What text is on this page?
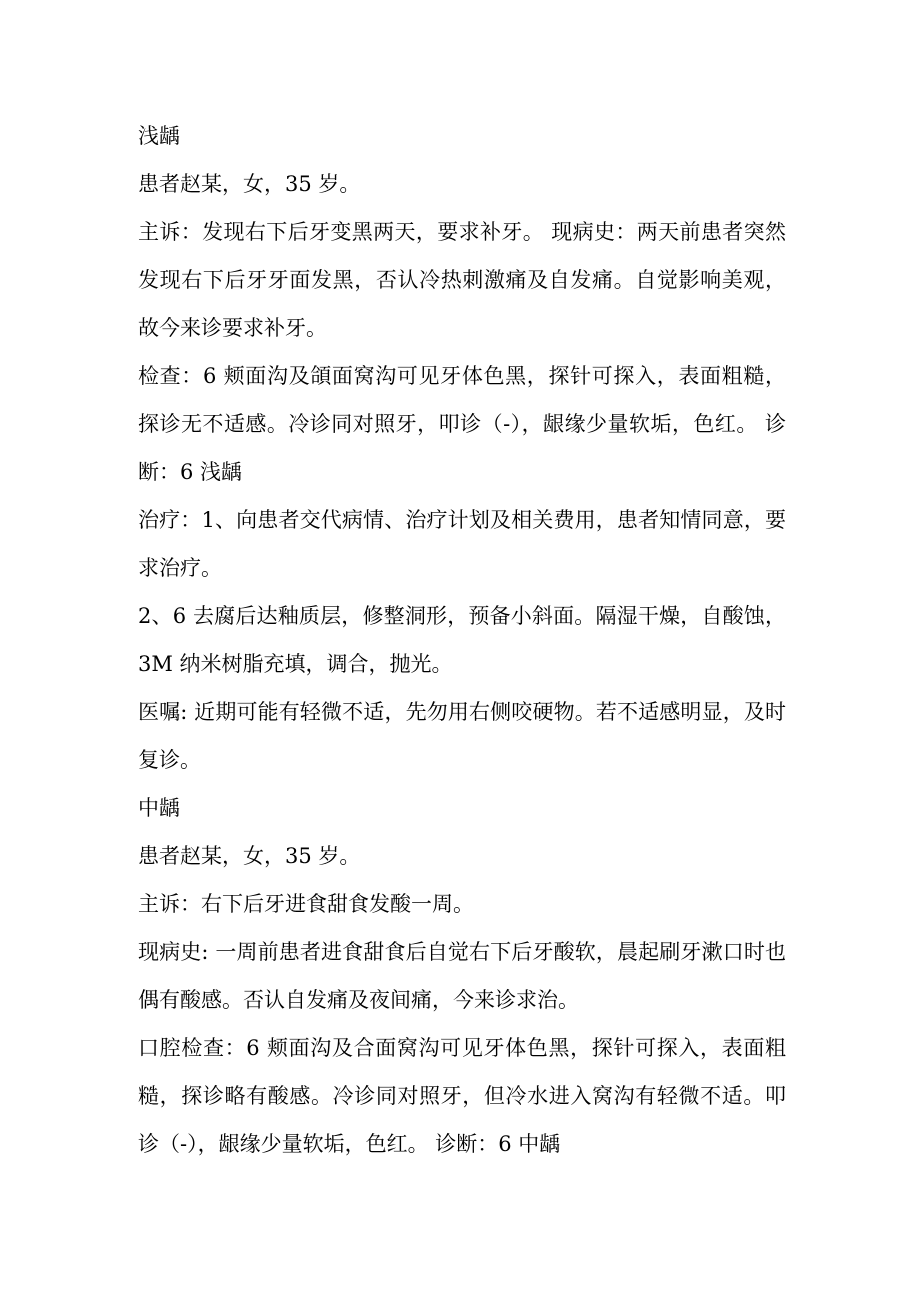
浅龋

患者赵某，女，35 岁。

主诉：发现右下后牙变黑两天，要求补牙。 现病史：两天前患者突然发现右下后牙牙面发黑，否认冷热刺激痛及自发痛。自觉影响美观，故今来诊要求补牙。

检查：6 颊面沟及頜面窝沟可见牙体色黑，探针可探入，表面粗糙，探诊无不适感。冷诊同对照牙，叩诊（-），龈缘少量软垢，色红。 诊断：6 浅龋

治疗：1、向患者交代病情、治疗计划及相关费用，患者知情同意，要求治疗。

2、6 去腐后达釉质层，修整洞形，预备小斜面。隔湿干燥，自酸蚀，3M 纳米树脂充填，调合，抛光。

医嘱: 近期可能有轻微不适，先勿用右侧咬硬物。若不适感明显，及时复诊。

中龋

患者赵某，女，35 岁。

主诉：右下后牙进食甜食发酸一周。

现病史: 一周前患者进食甜食后自觉右下后牙酸软，晨起刷牙漱口时也偶有酸感。否认自发痛及夜间痛，今来诊求治。

口腔检查：6 颊面沟及合面窝沟可见牙体色黑，探针可探入，表面粗糙，探诊略有酸感。冷诊同对照牙，但冷水进入窝沟有轻微不适。叩诊（-），龈缘少量软垢，色红。 诊断：6 中龋
